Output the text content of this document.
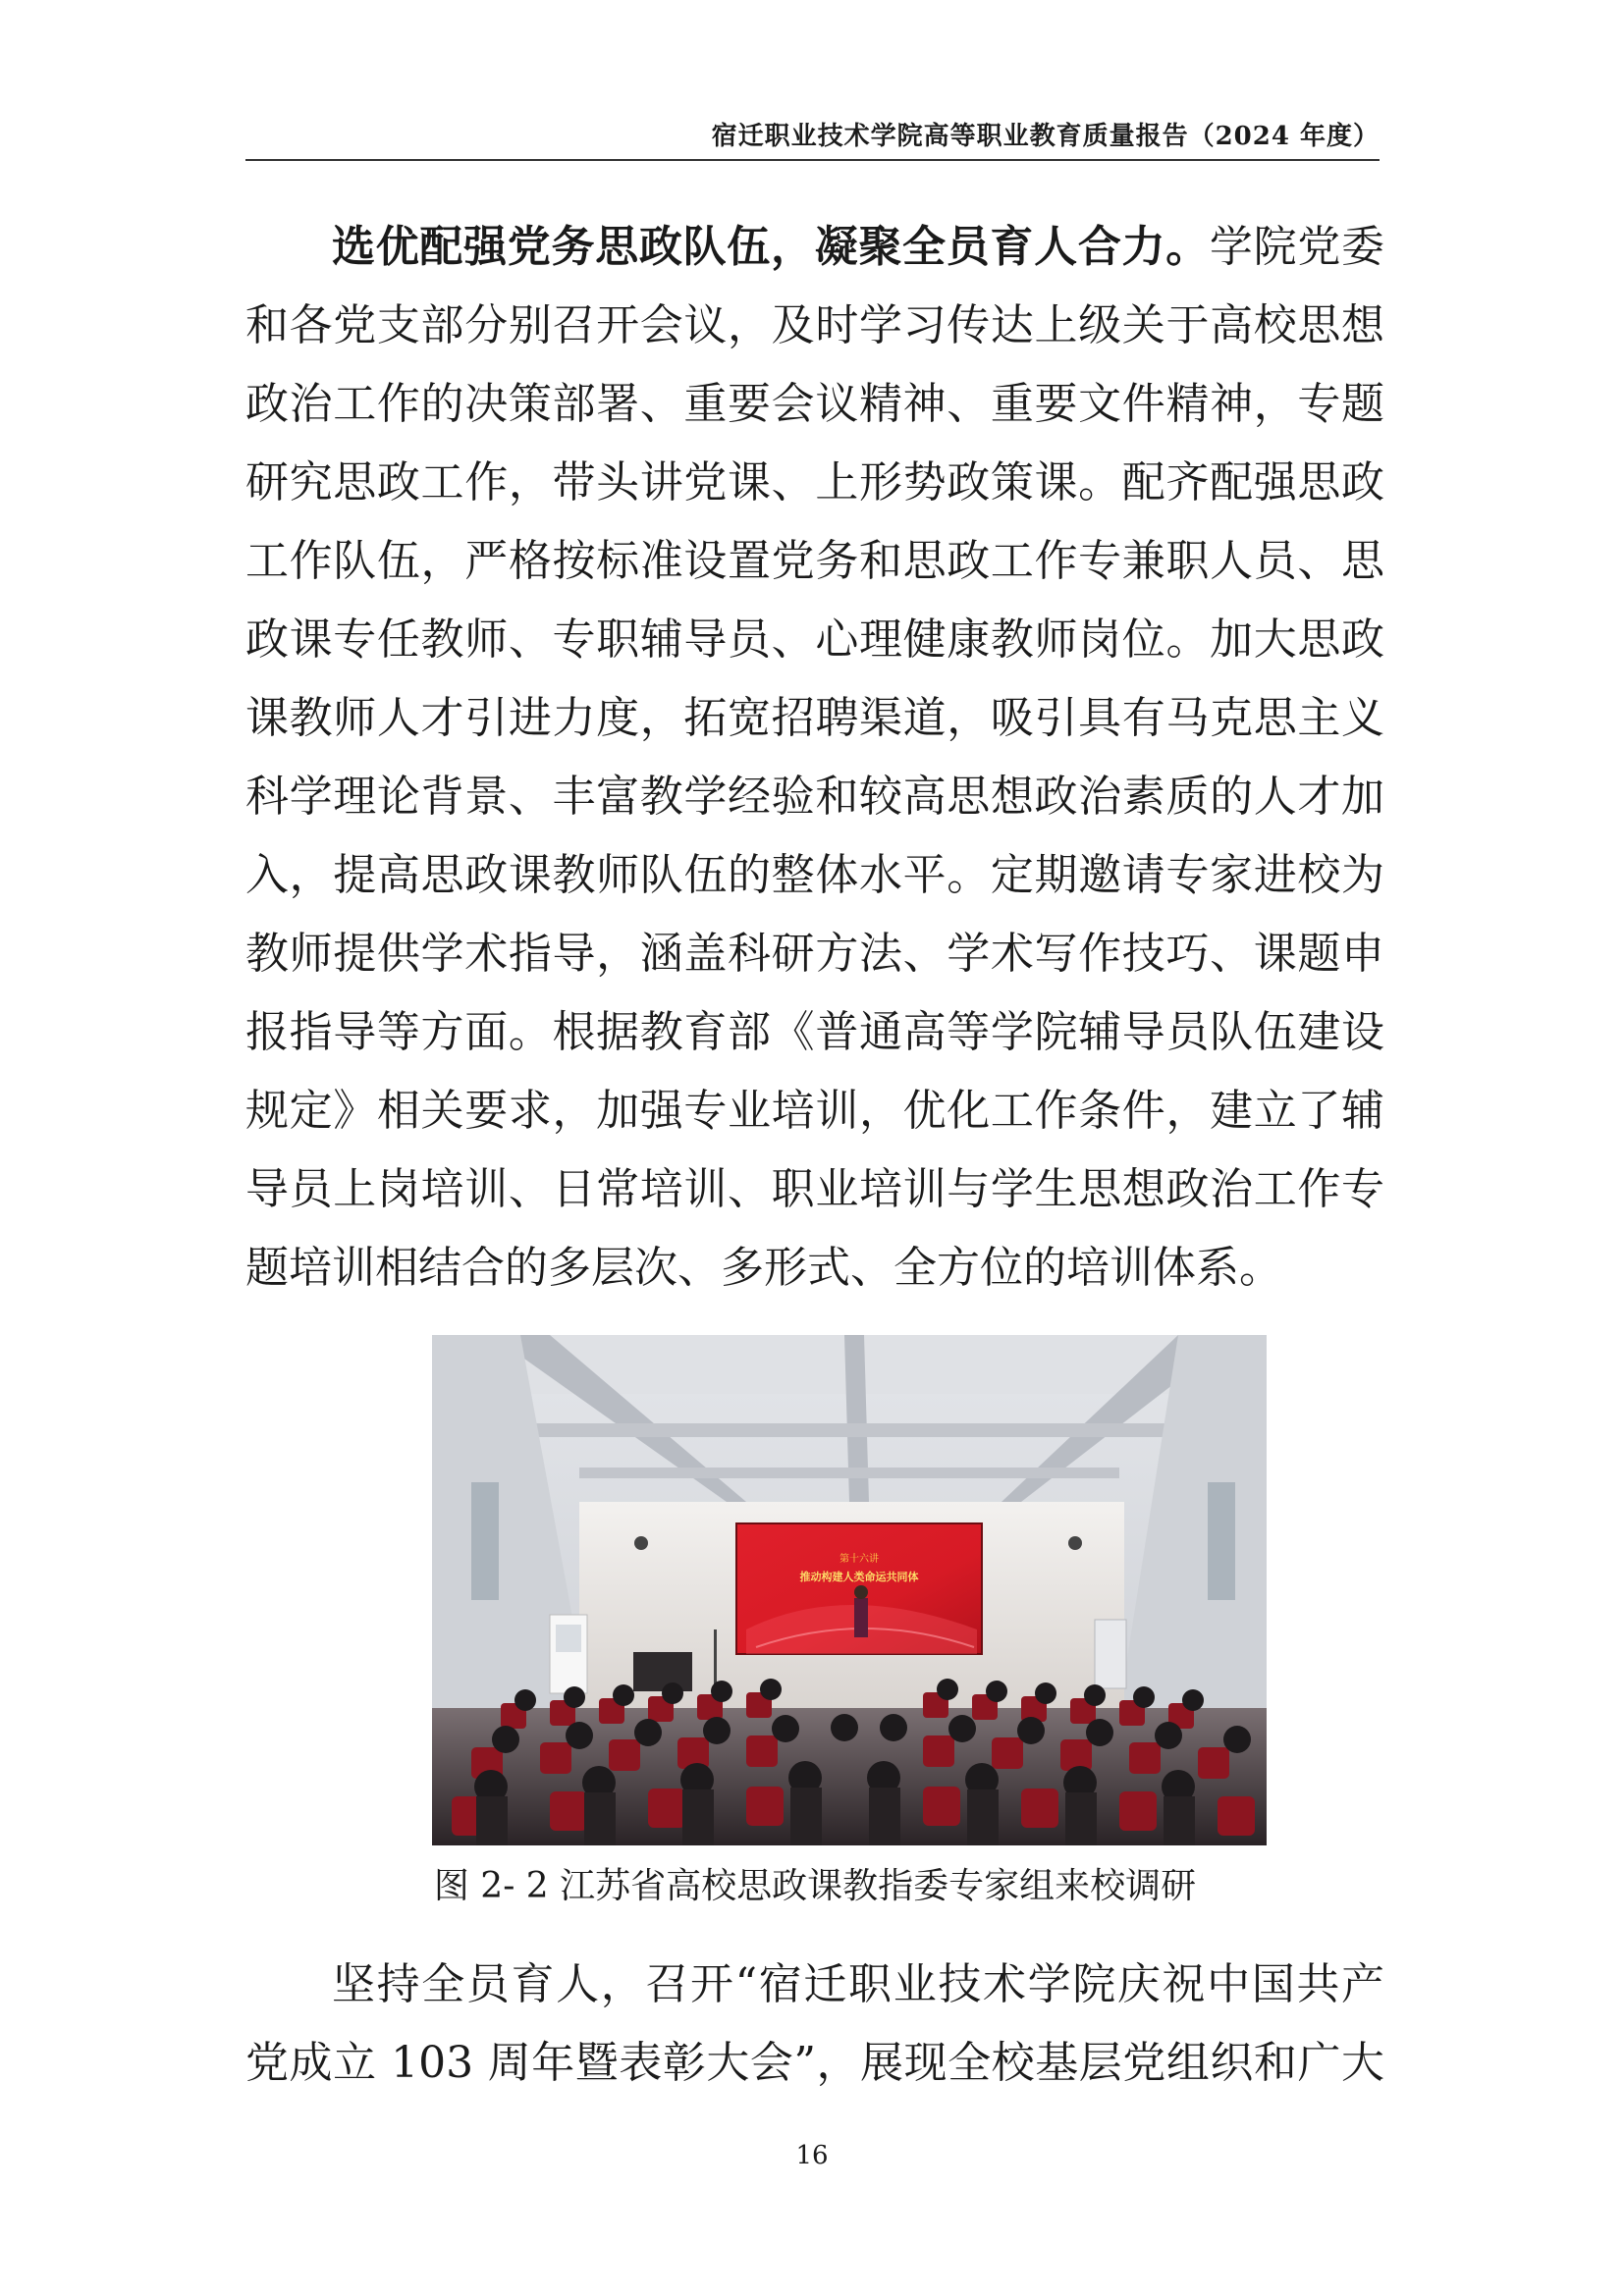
宿迁职业技术学院高等职业教育质量报告（2024 年度）
选优配强党务思政队伍，凝聚全员育人合力。学院党委
和各党支部分别召开会议，及时学习传达上级关于高校思想
政治工作的决策部署、重要会议精神、重要文件精神，专题
研究思政工作，带头讲党课、上形势政策课。配齐配强思政
工作队伍，严格按标准设置党务和思政工作专兼职人员、思
政课专任教师、专职辅导员、心理健康教师岗位。加大思政
课教师人才引进力度，拓宽招聘渠道，吸引具有马克思主义
科学理论背景、丰富教学经验和较高思想政治素质的人才加
入，提高思政课教师队伍的整体水平。定期邀请专家进校为
教师提供学术指导，涵盖科研方法、学术写作技巧、课题申
报指导等方面。根据教育部《普通高等学院辅导员队伍建设
规定》相关要求，加强专业培训，优化工作条件，建立了辅
导员上岗培训、日常培训、职业培训与学生思想政治工作专
题培训相结合的多层次、多形式、全方位的培训体系。
第十六讲
推动构建人类命运共同体
图 2- 2 江苏省高校思政课教指委专家组来校调研
坚持全员育人，召开“宿迁职业技术学院庆祝中国共产
党成立 103 周年暨表彰大会”，展现全校基层党组织和广大
16
